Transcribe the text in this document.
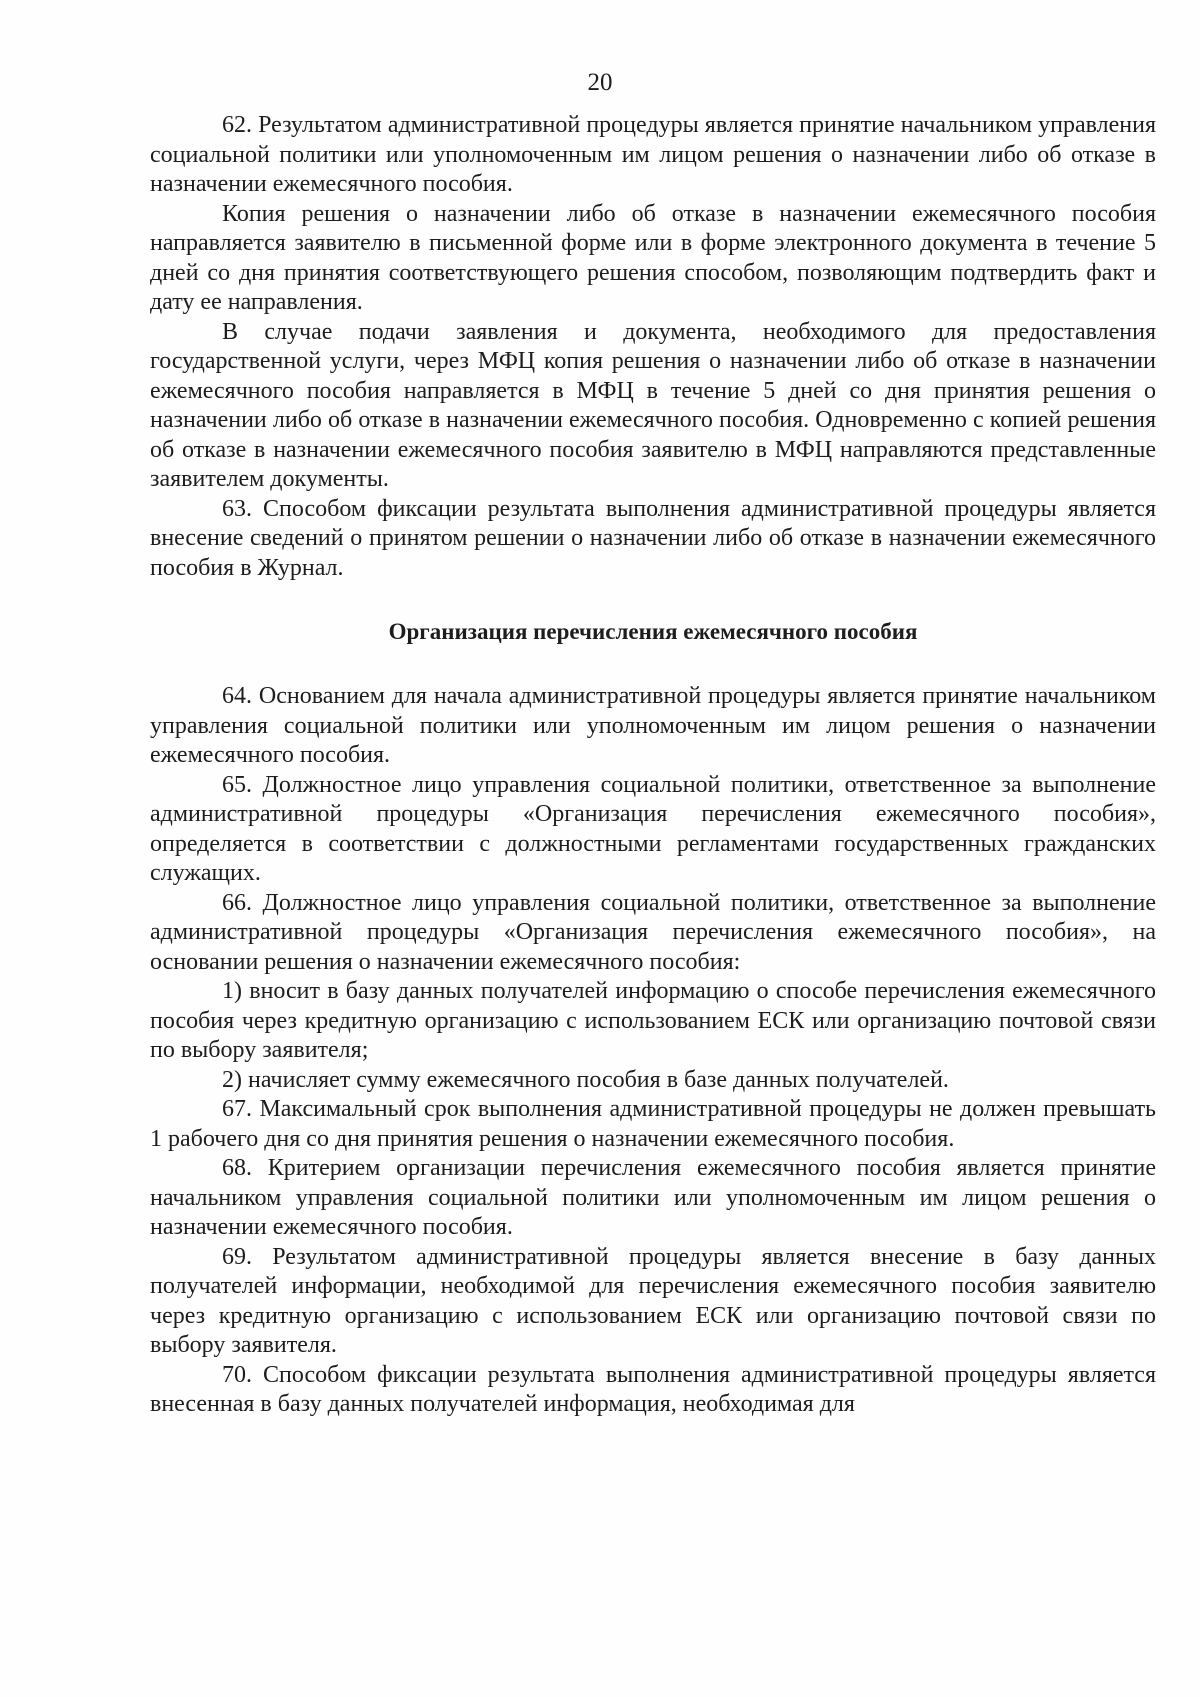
20

62. Результатом административной процедуры является принятие начальником управления социальной политики или уполномоченным им лицом решения о назначении либо об отказе в назначении ежемесячного пособия.

Копия решения о назначении либо об отказе в назначении ежемесячного пособия направляется заявителю в письменной форме или в форме электронного документа в течение 5 дней со дня принятия соответствующего решения способом, позволяющим подтвердить факт и дату ее направления.

В случае подачи заявления и документа, необходимого для предоставления государственной услуги, через МФЦ копия решения о назначении либо об отказе в назначении ежемесячного пособия направляется в МФЦ в течение 5 дней со дня принятия решения о назначении либо об отказе в назначении ежемесячного пособия. Одновременно с копией решения об отказе в назначении ежемесячного пособия заявителю в МФЦ направляются представленные заявителем документы.

63. Способом фиксации результата выполнения административной процедуры является внесение сведений о принятом решении о назначении либо об отказе в назначении ежемесячного пособия в Журнал.

Организация перечисления ежемесячного пособия

64. Основанием для начала административной процедуры является принятие начальником управления социальной политики или уполномоченным им лицом решения о назначении ежемесячного пособия.

65. Должностное лицо управления социальной политики, ответственное за выполнение административной процедуры «Организация перечисления ежемесячного пособия», определяется в соответствии с должностными регламентами государственных гражданских служащих.

66. Должностное лицо управления социальной политики, ответственное за выполнение административной процедуры «Организация перечисления ежемесячного пособия», на основании решения о назначении ежемесячного пособия:

1) вносит в базу данных получателей информацию о способе перечисления ежемесячного пособия через кредитную организацию с использованием ЕСК или организацию почтовой связи по выбору заявителя;

2) начисляет сумму ежемесячного пособия в базе данных получателей.

67. Максимальный срок выполнения административной процедуры не должен превышать 1 рабочего дня со дня принятия решения о назначении ежемесячного пособия.

68. Критерием организации перечисления ежемесячного пособия является принятие начальником управления социальной политики или уполномоченным им лицом решения о назначении ежемесячного пособия.

69. Результатом административной процедуры является внесение в базу данных получателей информации, необходимой для перечисления ежемесячного пособия заявителю через кредитную организацию с использованием ЕСК или организацию почтовой связи по выбору заявителя.

70. Способом фиксации результата выполнения административной процедуры является внесенная в базу данных получателей информация, необходимая для
